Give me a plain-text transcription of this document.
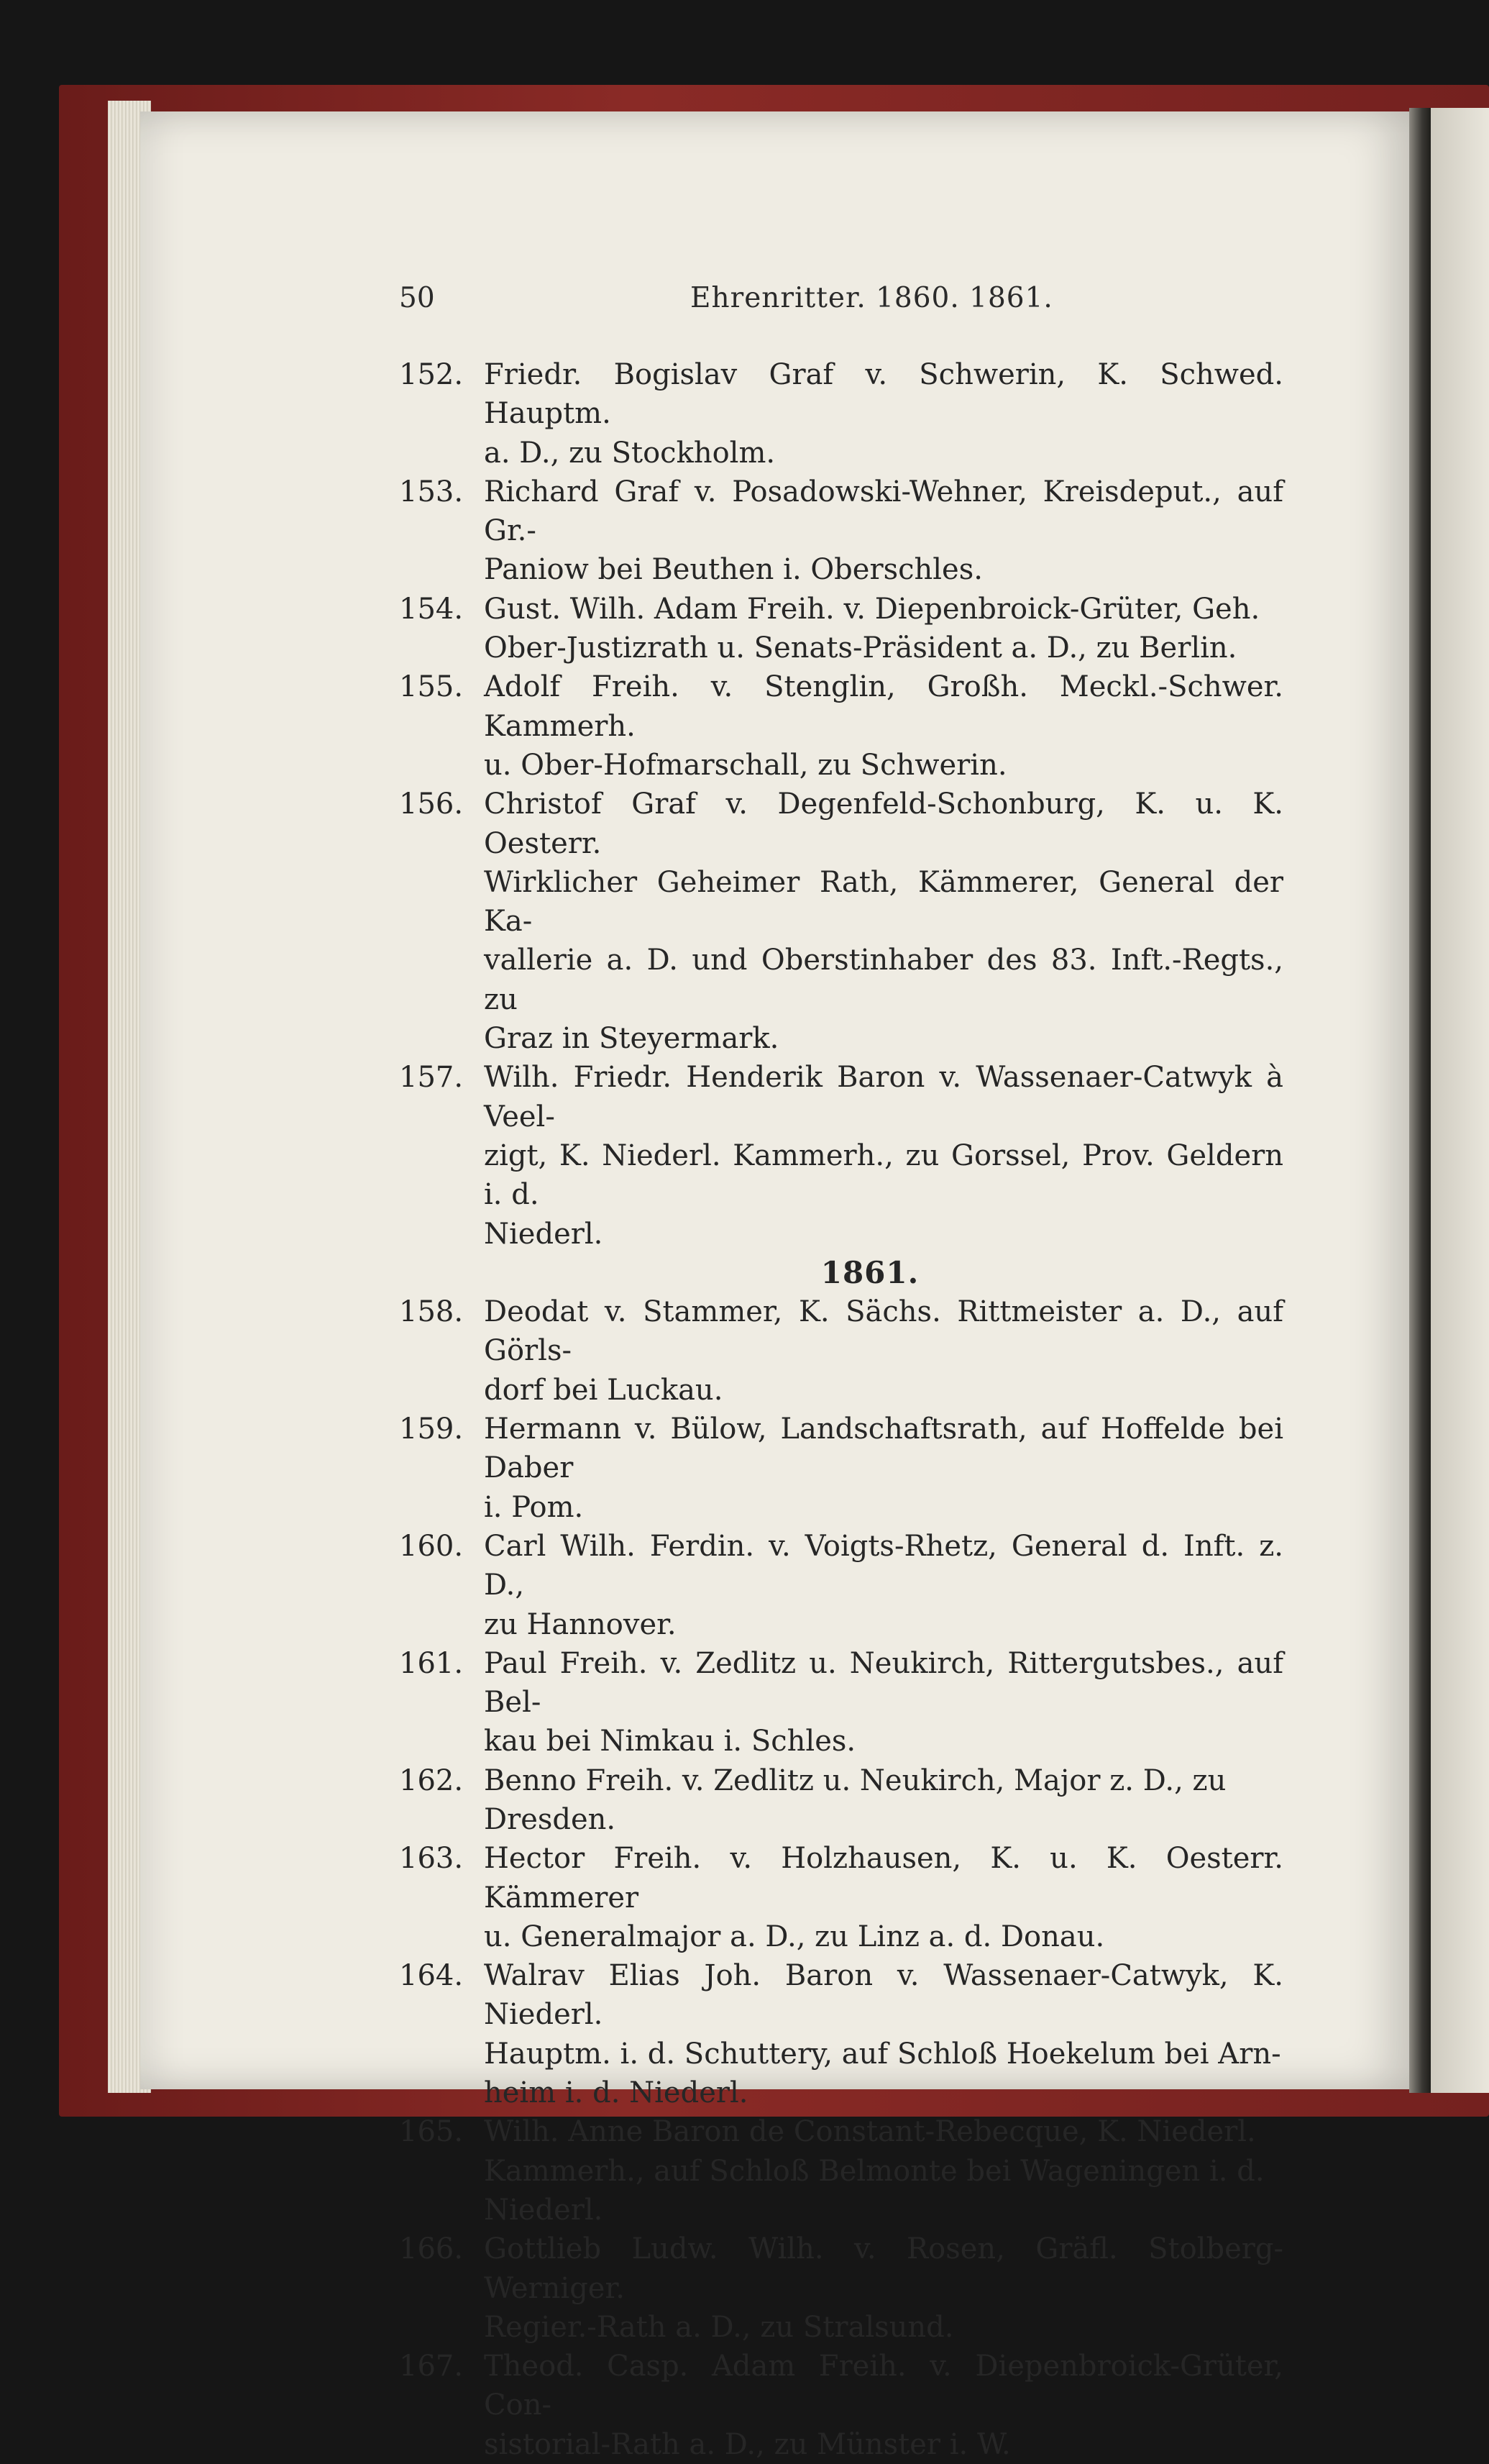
50	Ehrenritter. 1860. 1861.
152. Friedr. Bogislav Graf v. Schwerin, K. Schwed. Hauptm.
a. D., zu Stockholm.
153. Richard Graf v. Posadowski-Wehner, Kreisdeput., auf Gr.-
Paniow bei Beuthen i. Oberschles.
154. Gust. Wilh. Adam Freih. v. Diepenbroick-Grüter, Geh.
Ober-Justizrath u. Senats-Präsident a. D., zu Berlin.
155. Adolf Freih. v. Stenglin, Großh. Meckl.-Schwer. Kammerh.
u. Ober-Hofmarschall, zu Schwerin.
156. Christof Graf v. Degenfeld-Schonburg, K. u. K. Oesterr.
Wirklicher Geheimer Rath, Kämmerer, General der Ka-
vallerie a. D. und Oberstinhaber des 83. Inft.-Regts., zu
Graz in Steyermark.
157. Wilh. Friedr. Henderik Baron v. Wassenaer-Catwyk à Veel-
zigt, K. Niederl. Kammerh., zu Gorssel, Prov. Geldern i. d.
Niederl.
1861.
158. Deodat v. Stammer, K. Sächs. Rittmeister a. D., auf Görls-
dorf bei Luckau.
159. Hermann v. Bülow, Landschaftsrath, auf Hoffelde bei Daber
i. Pom.
160. Carl Wilh. Ferdin. v. Voigts-Rhetz, General d. Inft. z. D.,
zu Hannover.
161. Paul Freih. v. Zedlitz u. Neukirch, Rittergutsbes., auf Bel-
kau bei Nimkau i. Schles.
162. Benno Freih. v. Zedlitz u. Neukirch, Major z. D., zu
Dresden.
163. Hector Freih. v. Holzhausen, K. u. K. Oesterr. Kämmerer
u. Generalmajor a. D., zu Linz a. d. Donau.
164. Walrav Elias Joh. Baron v. Wassenaer-Catwyk, K. Niederl.
Hauptm. i. d. Schuttery, auf Schloß Hoekelum bei Arn-
heim i. d. Niederl.
165. Wilh. Anne Baron de Constant-Rebecque, K. Niederl.
Kammerh., auf Schloß Belmonte bei Wageningen i. d.
Niederl.
166. Gottlieb Ludw. Wilh. v. Rosen, Gräfl. Stolberg-Werniger.
Regier.-Rath a. D., zu Stralsund.
167. Theod. Casp. Adam Freih. v. Diepenbroick-Grüter, Con-
sistorial-Rath a. D., zu Münster i. W.
